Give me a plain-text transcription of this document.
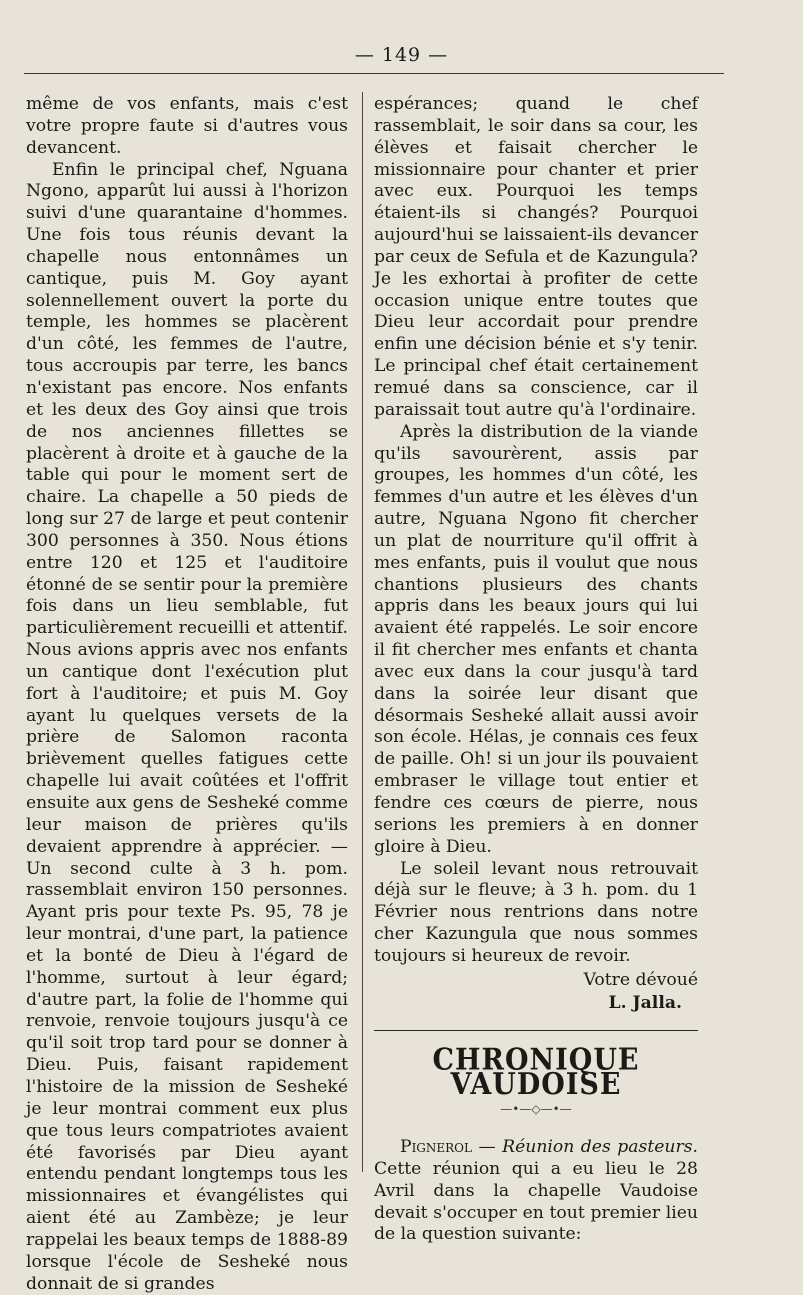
— 149 —

même de vos enfants, mais c'est votre propre faute si d'autres vous devancent.

Enfin le principal chef, Nguana Ngono, apparût lui aussi à l'horizon suivi d'une quarantaine d'hommes. Une fois tous réunis devant la chapelle nous entonnâmes un cantique, puis M. Goy ayant solennellement ouvert la porte du temple, les hommes se placèrent d'un côté, les femmes de l'autre, tous accroupis par terre, les bancs n'existant pas encore. Nos enfants et les deux des Goy ainsi que trois de nos anciennes fillettes se placèrent à droite et à gauche de la table qui pour le moment sert de chaire. La chapelle a 50 pieds de long sur 27 de large et peut contenir 300 personnes à 350. Nous étions entre 120 et 125 et l'auditoire étonné de se sentir pour la première fois dans un lieu semblable, fut particulièrement recueilli et attentif. Nous avions appris avec nos enfants un cantique dont l'exécution plut fort à l'auditoire; et puis M. Goy ayant lu quelques versets de la prière de Salomon raconta brièvement quelles fatigues cette chapelle lui avait coûtées et l'offrit ensuite aux gens de Sesheké comme leur maison de prières qu'ils devaient apprendre à apprécier. — Un second culte à 3 h. pom. rassemblait environ 150 personnes. Ayant pris pour texte Ps. 95, 78 je leur montrai, d'une part, la patience et la bonté de Dieu à l'égard de l'homme, surtout à leur égard; d'autre part, la folie de l'homme qui renvoie, renvoie toujours jusqu'à ce qu'il soit trop tard pour se donner à Dieu. Puis, faisant rapidement l'histoire de la mission de Sesheké je leur montrai comment eux plus que tous leurs compatriotes avaient été favorisés par Dieu ayant entendu pendant longtemps tous les missionnaires et évangélistes qui aient été au Zambèze; je leur rappelai les beaux temps de 1888-89 lorsque l'école de Sesheké nous donnait de si grandes

espérances; quand le chef rassemblait, le soir dans sa cour, les élèves et faisait chercher le missionnaire pour chanter et prier avec eux. Pourquoi les temps étaient-ils si changés? Pourquoi aujourd'hui se laissaient-ils devancer par ceux de Sefula et de Kazungula? Je les exhortai à profiter de cette occasion unique entre toutes que Dieu leur accordait pour prendre enfin une décision bénie et s'y tenir. Le principal chef était certainement remué dans sa conscience, car il paraissait tout autre qu'à l'ordinaire.

Après la distribution de la viande qu'ils savourèrent, assis par groupes, les hommes d'un côté, les femmes d'un autre et les élèves d'un autre, Nguana Ngono fit chercher un plat de nourriture qu'il offrit à mes enfants, puis il voulut que nous chantions plusieurs des chants appris dans les beaux jours qui lui avaient été rappelés. Le soir encore il fit chercher mes enfants et chanta avec eux dans la cour jusqu'à tard dans la soirée leur disant que désormais Sesheké allait aussi avoir son école. Hélas, je connais ces feux de paille. Oh! si un jour ils pouvaient embraser le village tout entier et fendre ces cœurs de pierre, nous serions les premiers à en donner gloire à Dieu.

Le soleil levant nous retrouvait déjà sur le fleuve; à 3 h. pom. du 1 Février nous rentrions dans notre cher Kazungula que nous sommes toujours si heureux de revoir.

Votre dévoué
L. Jalla.
CHRONIQUE VAUDOISE
—•—◇—•—

Pignerol — Réunion des pasteurs. Cette réunion qui a eu lieu le 28 Avril dans la chapelle Vaudoise devait s'occuper en tout premier lieu de la question suivante:
